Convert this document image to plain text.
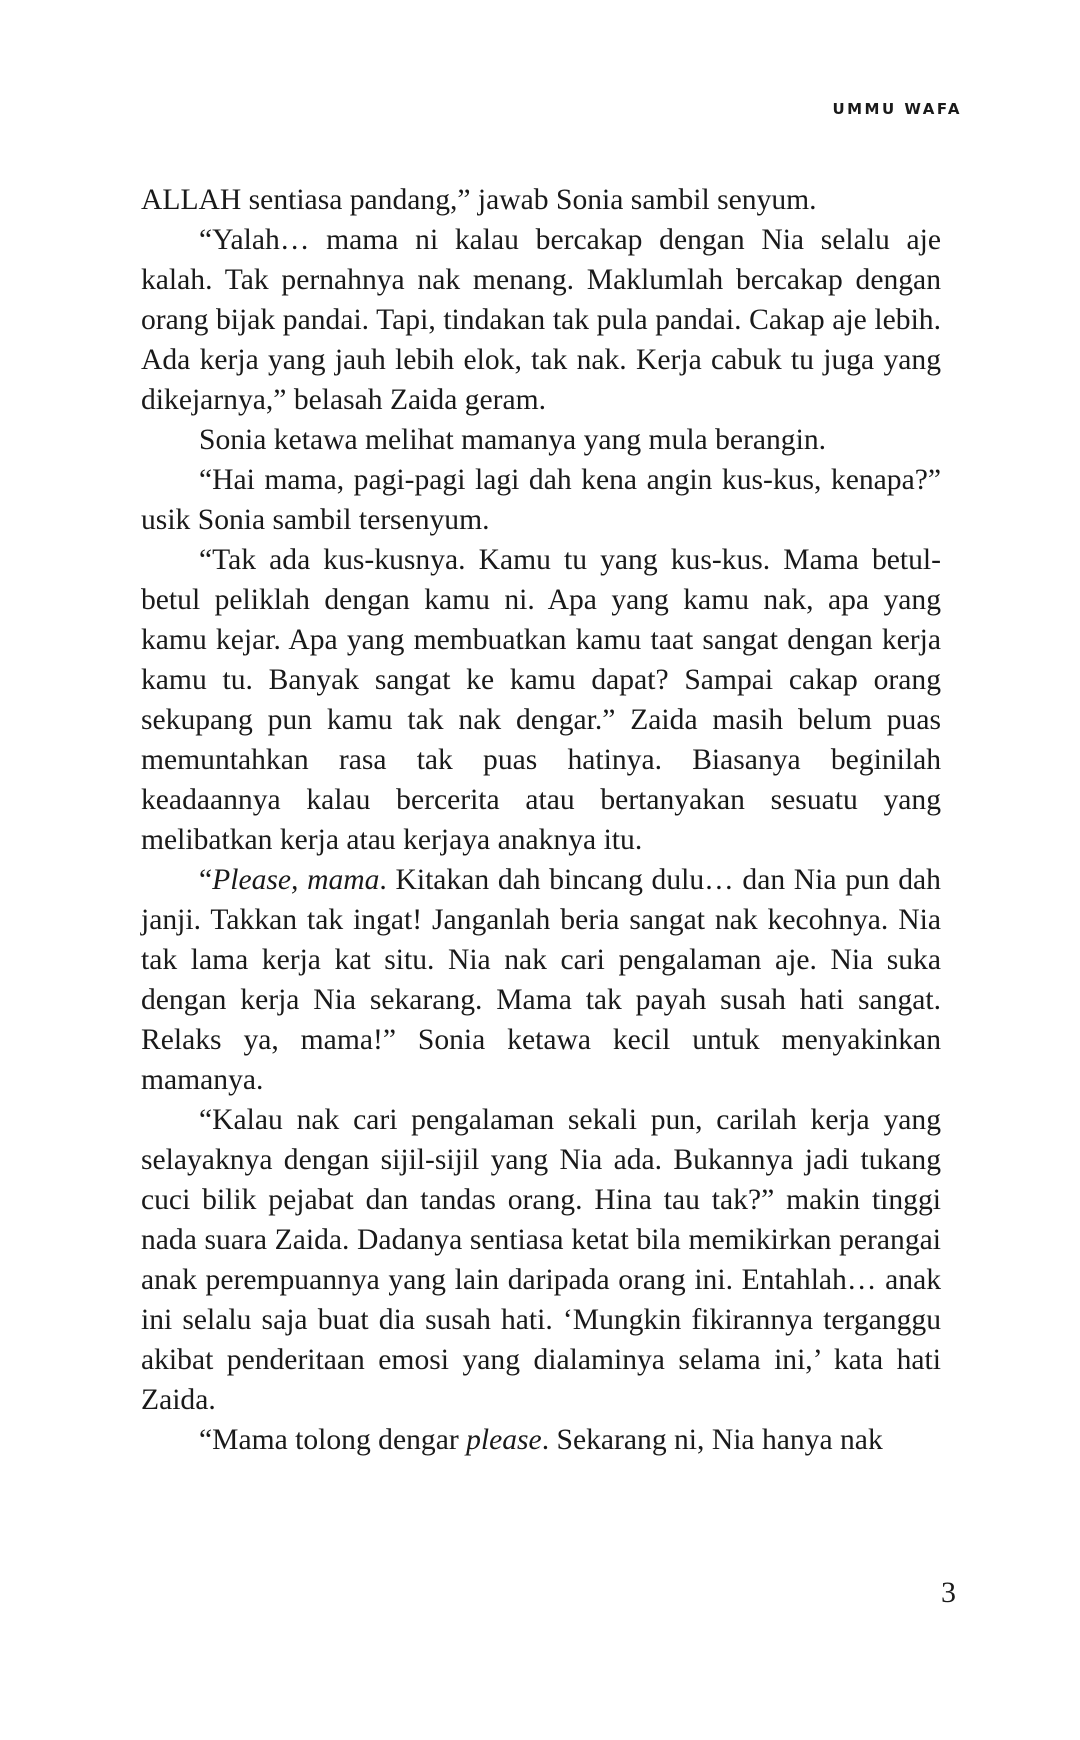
UMMU WAFA

ALLAH sentiasa pandang,” jawab Sonia sambil senyum.

“Yalah… mama ni kalau bercakap dengan Nia selalu aje kalah. Tak pernahnya nak menang. Maklumlah bercakap dengan orang bijak pandai. Tapi, tindakan tak pula pandai. Cakap aje lebih. Ada kerja yang jauh lebih elok, tak nak. Kerja cabuk tu juga yang dikejarnya,” belasah Zaida geram.

Sonia ketawa melihat mamanya yang mula berangin.

“Hai mama, pagi-pagi lagi dah kena angin kus-kus, kenapa?” usik Sonia sambil tersenyum.

“Tak ada kus-kusnya. Kamu tu yang kus-kus. Mama betul-betul peliklah dengan kamu ni. Apa yang kamu nak, apa yang kamu kejar. Apa yang membuatkan kamu taat sangat dengan kerja kamu tu. Banyak sangat ke kamu dapat? Sampai cakap orang sekupang pun kamu tak nak dengar.” Zaida masih belum puas memuntahkan rasa tak puas hatinya. Biasanya beginilah keadaannya kalau bercerita atau bertanyakan sesuatu yang melibatkan kerja atau kerjaya anaknya itu.

“Please, mama. Kitakan dah bincang dulu… dan Nia pun dah janji. Takkan tak ingat! Janganlah beria sangat nak kecohnya. Nia tak lama kerja kat situ. Nia nak cari pengalaman aje. Nia suka dengan kerja Nia sekarang. Mama tak payah susah hati sangat. Relaks ya, mama!” Sonia ketawa kecil untuk menyakinkan mamanya.

“Kalau nak cari pengalaman sekali pun, carilah kerja yang selayaknya dengan sijil-sijil yang Nia ada. Bukannya jadi tukang cuci bilik pejabat dan tandas orang. Hina tau tak?” makin tinggi nada suara Zaida. Dadanya sentiasa ketat bila memikirkan perangai anak perempuannya yang lain daripada orang ini. Entahlah… anak ini selalu saja buat dia susah hati. ‘Mungkin fikirannya terganggu akibat penderitaan emosi yang dialaminya selama ini,’ kata hati Zaida.

“Mama tolong dengar please. Sekarang ni, Nia hanya nak

3
